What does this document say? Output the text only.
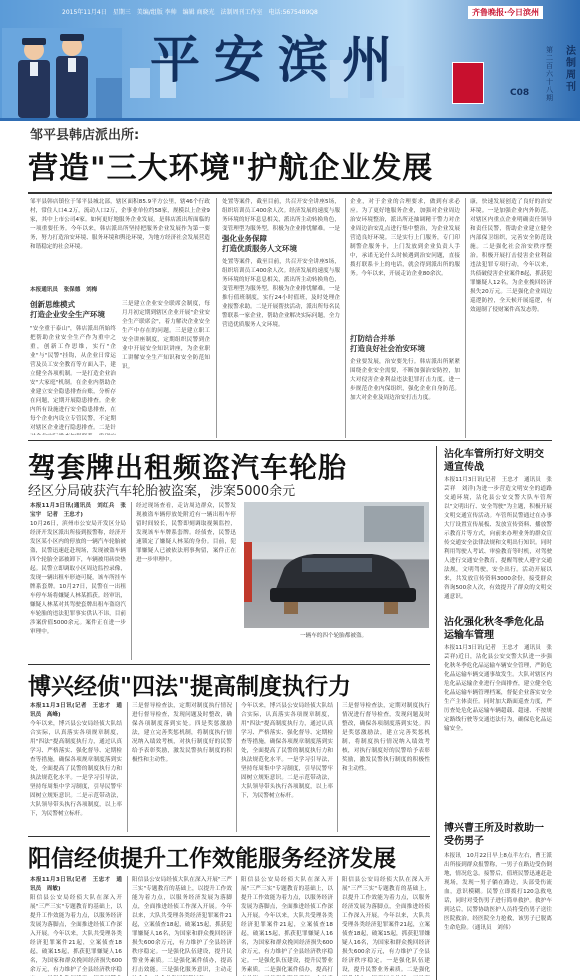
2015年11月4日　星期三　美编/组版 李帅　编辑 商晓光　法制周刊工作室　电话:5675489Q8	齐鲁晚报·今日滨州
平安滨州
C08
法制周刊
第二百六十八期
邹平县韩店派出所:
营造"三大环境"护航企业发展
邹平县韩店镇位于邹平县城北部，辖区面积85.9平方公里，辖46个行政村，常住人口4.2万，流动人口2万，企事业单位约58家，规模以上企业9家，其中上市公司4家。如何更好地服务企业发展，是韩店派出所面临的一项重要任务。今年以来，韩店派出所坚持把服务企业发展作为第一要务，努力打造治安环境、服务环境和舆论环境，为地方经济社会发展营造和谐稳定的社会环境。
本报通讯员　张保德　刘梅
创新思维模式
打造企业安全生产环境
"安全重于泰山"，韩店派出所始终把帮助企业安全生产作为重中之重，创新工作思维，实行"企业"与"民警"挂钩，从企业日常运营及员工安全教育等方面入手，建立健全各项机制。一是打造企业治安"大家庭"机制。在企业内帮助企业建立安全隐患排查台账，分析存在问题，定期开展隐患排查。企业内所有设施进行安全隐患排查，在每个企业内设立专管民警，不定期对辖区企业进行隐患排查。二是针
三是建立企业安全联席会制度，每月月初定期到辖区企业开展"企业安全生产联席会"，着力解决企业安全生产中存在的问题。三是建立职工安全讲座制度，定期组织民警到企业中开展安全知识讲座，为企业职工讲解安全生产知识和安全防范知识。
处置等案件，截至目前，共召开安全讲座5场，组织培训员工400余人次。经济发展的速度与服务环境的好坏息息相关，派出所主动转换角色，变管理型为服务型，积极为企业排忧解难。一是
强化业务保障
打造优质服务人文环境
处置等案件，截至目前，共召开安全讲座5场，组织培训员工400余人次。经济发展的速度与服务环境的好坏息息相关，派出所主动转换角色，变管理型为服务型，积极为企业排忧解难。一是推行值班制度，实行24小时值班，及时处理企业报警求助。二是开展帮扶活动，派出所每名民警联系一家企业，帮助企业解决实际问题，全力营造优质服务人文环境。
企业，对于企业的合理要求，做到有求必应。为了更好地服务企业，加强对企业周边治安环境整治，派出所还抽调精干警力对企业周边治安乱点进行集中整治，为企业发展营造良好环境。三是实行上门服务，专门印制警企服务卡，上门发放到企业负责人手中，承诺无论什么时候遇到治安问题，直接拨打联系卡上的电话，就会得到派出所的服务。今年以来，开展走访企业80余次。
打防结合并举
打造良好社会治安环境
企业要发展，治安要先行。韩店派出所紧紧围绕企业安全需要，不断加强治安防控，加大对侵害企业利益违法犯罪打击力度。进一步规范企业内保组织，强化企业自身防范。加大对企业及周边治安打击力度。
康，快速发展创造了良好的治安环境。一是加强企业内外防范。对辖区内重点企业明确责任领导和责任民警，帮助企业建立健全内部保卫组织，完善安全防范设施。二是强化社会治安秩序整治。积极开展打击侵害企业利益违法犯罪专项行动，今年以来，共侦破侵害企业案件8起，抓获犯罪嫌疑人12名，为企业挽回经济损失20万元。三是强化企业周边巡逻防控，全天候开展巡逻，有效遏制了侵财案件高发态势。
驾套牌出租频盗汽车轮胎
经区分局破获汽车轮胎被盗案，涉案5000余元
本报11月3日讯(通讯员　刘红兵　张宝宇　记者　王忠才)
10月26日，滨州市公安局开发区分局经济开发区派出所接到报警称，经济开发区某小区内的停放的一辆汽车轮胎被盗，民警迅速赶赴现场，发现被盗车辆四个轮胎全部被卸下，车辆被用砖块垫起。民警立即调取小区周边监控录像，发现一辆出租车形迹可疑，该车所挂车牌系套牌。10月27日，民警在一出租车停车场将嫌疑人林某抓获。经审讯，嫌疑人林某对其驾驶套牌出租车盗窃汽车轮胎的违法犯罪事实供认不讳，目前涉案价值5000余元。案件正在进一步审理中。
经过现场查看，走访周边群众，民警发现被盗车辆停放处附近有一辆出租车停留时间较长，民警即刻调取视频监控，发现该车车牌系套牌。经侦查，民警迅速锁定了嫌疑人林某的身份。目前，犯罪嫌疑人已被依法刑事拘留，案件正在进一步审理中。
一辆车的四个轮胎都被盗。
沾化车管所打好文明交通宣传战
本报11月3日讯(记者　王忠才　通讯员　张芸祥　刘洋)为进一步营造文明安全的道路交通环境，沾化县公安交警大队车管所以"文明出行、安全驾驶"为主题，积极开展文明交通宣传活动。车管所民警通过在办事大厅设置宣传展板、发放宣传资料、播放警示教育片等方式，向前来办理业务的群众宣传交通安全法律法规和文明出行知识。同时利用驾驶人考试、审验教育等时机，对驾驶人进行交通安全教育，提醒驾驶人遵守交通法规，文明驾驶，安全出行。活动开展以来，共发放宣传资料3000余份，接受群众咨询500余人次，有效提升了群众的文明交通意识。
沾化强化秋冬季危化品运输车管理
本报11月3日讯(记者　王忠才　通讯员　张芸祥)近日，沾化县公安交警大队进一步强化秋冬季危化品运输车辆安全管理，严防危化品运输车辆交通事故发生。大队对辖区内危化品运输企业进行全面排查，建立健全危化品运输车辆管理档案，督促企业落实安全生产主体责任。同时加大路面巡查力度，严厉查处危化品运输车辆超载、超速、不按规定路线行驶等交通违法行为，确保危化品运输安全。
博兴曹王所及时救助一受伤男子
本报讯　10月22日早上8点半左右，曹王派出所接到群众报警称，一男子在路边受伤倒地，情况危急。接警后，值班民警迅速赶赴现场，发现一男子躺在路边，头部受伤流血，意识模糊。民警立即拨打120急救电话，同时对受伤男子进行简单救护。救护车到达后，民警协助医护人员将受伤男子送往医院救治。经医院全力抢救，该男子已脱离生命危险。（通讯员　刘伟）
博兴经侦"四法"提高制度执行力
本报11月3日讯(记者　王忠才　通讯员　高峰)
今年以来，博兴县公安局经侦大队结合实际，认真落实各项规章制度，用"四法"提高制度执行力，通过认真学习、严格落实、强化督导、定期检查等措施，确保各项规章制度落到实处，全面提高了民警的制度执行力和执法规范化水平。一是学习引导法，坚持每周集中学习制度，引导民警牢固树立规矩意识。二是示范带动法，大队领导带头执行各项制度，以上率下，为民警树立标杆。
三是督导检查法，定期对制度执行情况进行督导检查，发现问题及时整改，确保各项制度落到实处。四是奖惩激励法，建立完善奖惩机制，将制度执行情况纳入绩效考核，对执行制度好的民警给予表彰奖励，激发民警执行制度的积极性和主动性。
今年以来，博兴县公安局经侦大队结合实际，认真落实各项规章制度，用"四法"提高制度执行力，通过认真学习、严格落实、强化督导、定期检查等措施，确保各项规章制度落到实处，全面提高了民警的制度执行力和执法规范化水平。一是学习引导法，坚持每周集中学习制度，引导民警牢固树立规矩意识。二是示范带动法，大队领导带头执行各项制度，以上率下，为民警树立标杆。
三是督导检查法，定期对制度执行情况进行督导检查，发现问题及时整改，确保各项制度落到实处。四是奖惩激励法，建立完善奖惩机制，将制度执行情况纳入绩效考核，对执行制度好的民警给予表彰奖励，激发民警执行制度的积极性和主动性。
阳信经侦提升工作效能服务经济发展
本报11月3日讯(记者　王忠才　通讯员　周敏)
阳信县公安局经侦大队在深入开展"三严三实"专题教育的基础上，以提升工作效能为着力点，以服务经济发展为落脚点，全面推进经侦工作深入开展。今年以来，大队共受理各类经济犯罪案件21起，立案侦查18起，破案15起，抓获犯罪嫌疑人16名，为国家和群众挽回经济损失600余万元，有力维护了全县经济秩序稳
阳信县公安局经侦大队在深入开展"三严三实"专题教育的基础上，以提升工作效能为着力点，以服务经济发展为落脚点，全面推进经侦工作深入开展。今年以来，大队共受理各类经济犯罪案件21起，立案侦查18起，破案15起，抓获犯罪嫌疑人16名，为国家和群众挽回经济损失600余万元，有力维护了全县经济秩序稳定。一是强化队伍建设，提升民警业务素质。二是强化案件侦办，提高打击效能。三是强化服务意识，主动走
阳信县公安局经侦大队在深入开展"三严三实"专题教育的基础上，以提升工作效能为着力点，以服务经济发展为落脚点，全面推进经侦工作深入开展。今年以来，大队共受理各类经济犯罪案件21起，立案侦查18起，破案15起，抓获犯罪嫌疑人16名，为国家和群众挽回经济损失600余万元，有力维护了全县经济秩序稳定。一是强化队伍建设，提升民警业务素质。二是强化案件侦办，提高打
阳信县公安局经侦大队在深入开展"三严三实"专题教育的基础上，以提升工作效能为着力点，以服务经济发展为落脚点，全面推进经侦工作深入开展。今年以来，大队共受理各类经济犯罪案件21起，立案侦查18起，破案15起，抓获犯罪嫌疑人16名，为国家和群众挽回经济损失600余万元，有力维护了全县经济秩序稳定。一是强化队伍建设，提升民警业务素质。二是强化
